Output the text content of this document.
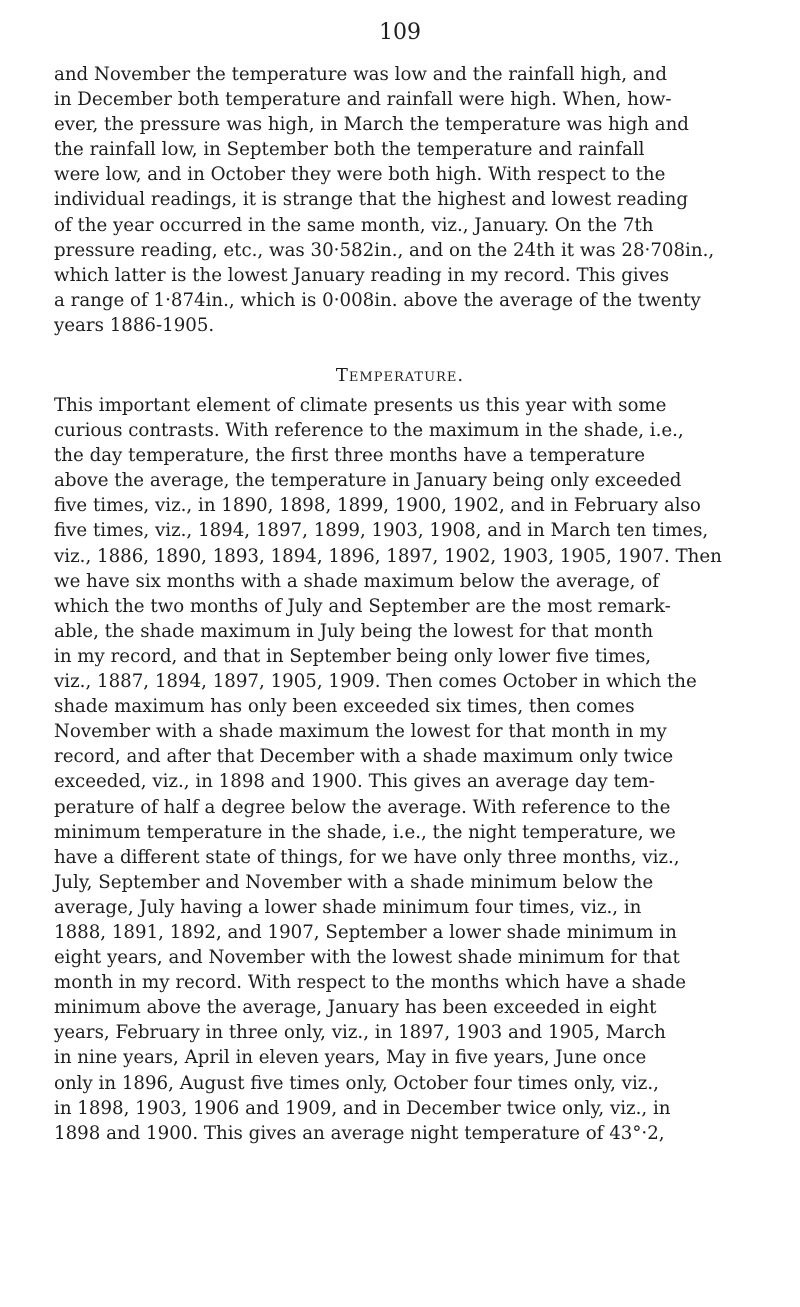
109
and November the temperature was low and the rainfall high, and
in December both temperature and rainfall were high. When, how-
ever, the pressure was high, in March the temperature was high and
the rainfall low, in September both the temperature and rainfall
were low, and in October they were both high. With respect to the
individual readings, it is strange that the highest and lowest reading
of the year occurred in the same month, viz., January. On the 7th
pressure reading, etc., was 30·582in., and on the 24th it was 28·708in.,
which latter is the lowest January reading in my record. This gives
a range of 1·874in., which is 0·008in. above the average of the twenty
years 1886-1905.
Temperature.
This important element of climate presents us this year with some
curious contrasts. With reference to the maximum in the shade, i.e.,
the day temperature, the first three months have a temperature
above the average, the temperature in January being only exceeded
five times, viz., in 1890, 1898, 1899, 1900, 1902, and in February also
five times, viz., 1894, 1897, 1899, 1903, 1908, and in March ten times,
viz., 1886, 1890, 1893, 1894, 1896, 1897, 1902, 1903, 1905, 1907. Then
we have six months with a shade maximum below the average, of
which the two months of July and September are the most remark-
able, the shade maximum in July being the lowest for that month
in my record, and that in September being only lower five times,
viz., 1887, 1894, 1897, 1905, 1909. Then comes October in which the
shade maximum has only been exceeded six times, then comes
November with a shade maximum the lowest for that month in my
record, and after that December with a shade maximum only twice
exceeded, viz., in 1898 and 1900. This gives an average day tem-
perature of half a degree below the average. With reference to the
minimum temperature in the shade, i.e., the night temperature, we
have a different state of things, for we have only three months, viz.,
July, September and November with a shade minimum below the
average, July having a lower shade minimum four times, viz., in
1888, 1891, 1892, and 1907, September a lower shade minimum in
eight years, and November with the lowest shade minimum for that
month in my record. With respect to the months which have a shade
minimum above the average, January has been exceeded in eight
years, February in three only, viz., in 1897, 1903 and 1905, March
in nine years, April in eleven years, May in five years, June once
only in 1896, August five times only, October four times only, viz.,
in 1898, 1903, 1906 and 1909, and in December twice only, viz., in
1898 and 1900. This gives an average night temperature of 43°·2,
